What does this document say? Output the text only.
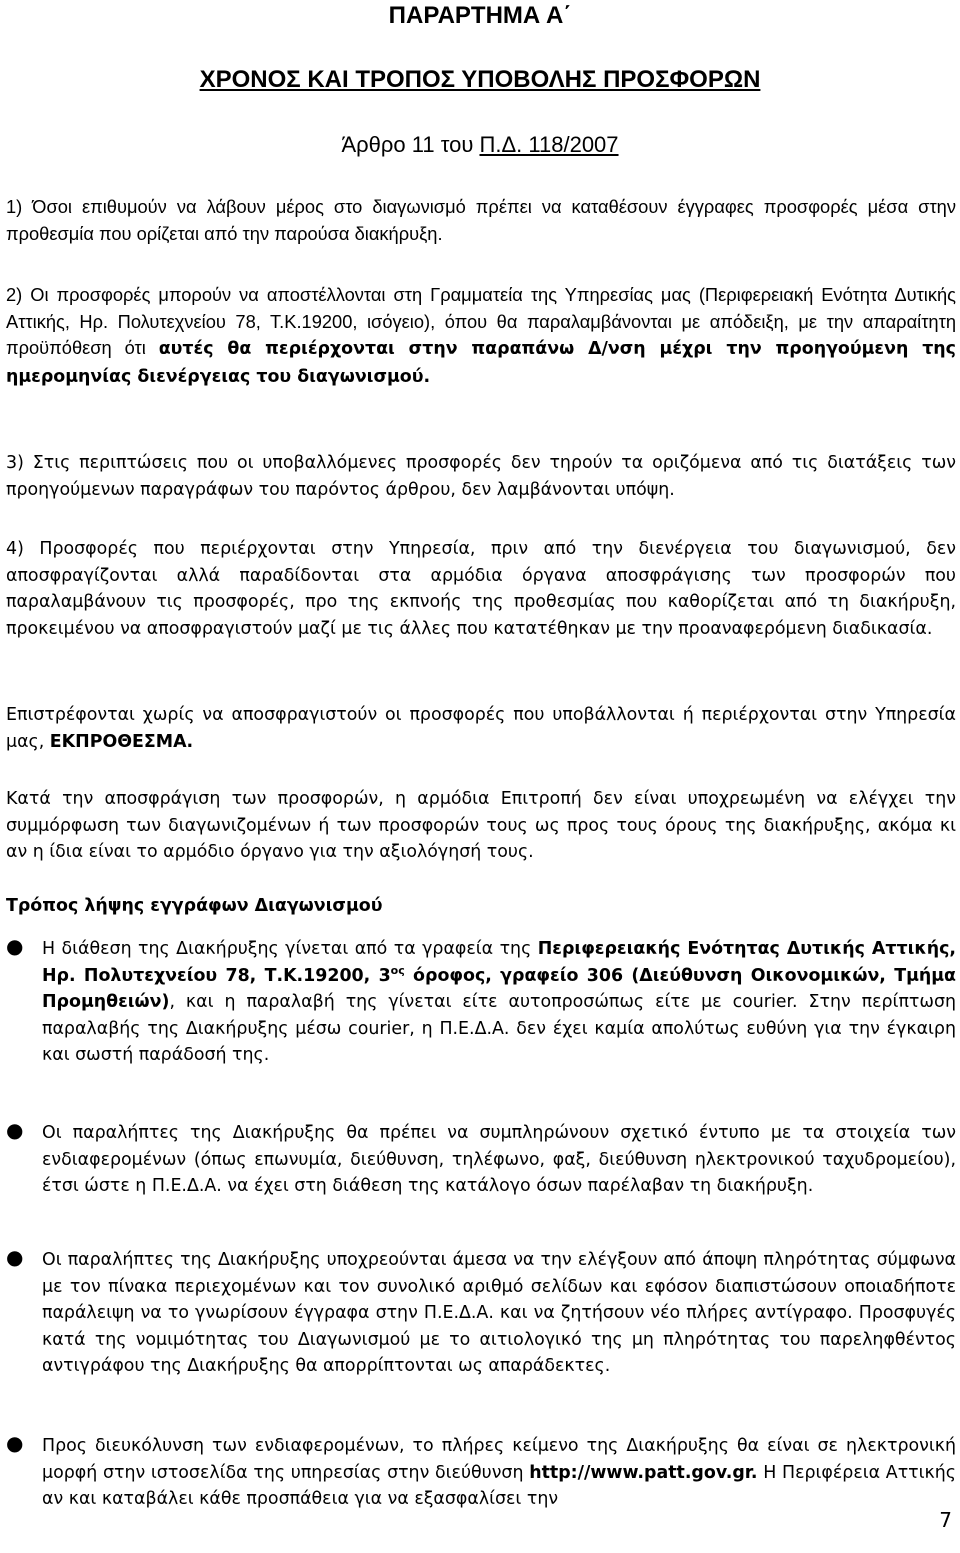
ΠΑΡΑΡΤΗΜΑ Α΄
ΧΡΟΝΟΣ ΚΑΙ ΤΡΟΠΟΣ ΥΠΟΒΟΛΗΣ ΠΡΟΣΦΟΡΩΝ
Άρθρο 11 του Π.Δ. 118/2007

1) Όσοι επιθυμούν να λάβουν μέρος στο διαγωνισμό πρέπει να καταθέσουν έγγραφες προσφορές μέσα στην προθεσμία που ορίζεται από την παρούσα διακήρυξη.

2) Οι προσφορές μπορούν να αποστέλλονται στη Γραμματεία της Υπηρεσίας μας (Περιφερειακή Ενότητα Δυτικής Αττικής, Ηρ. Πολυτεχνείου 78, Τ.Κ.19200, ισόγειο), όπου θα παραλαμβάνονται με απόδειξη, με την απαραίτητη προϋπόθεση ότι αυτές θα περιέρχονται στην παραπάνω Δ/νση μέχρι την προηγούμενη της ημερομηνίας διενέργειας του διαγωνισμού.

3) Στις περιπτώσεις που οι υποβαλλόμενες προσφορές δεν τηρούν τα οριζόμενα από τις διατάξεις των προηγούμενων παραγράφων του παρόντος άρθρου, δεν λαμβάνονται υπόψη.

4) Προσφορές που περιέρχονται στην Υπηρεσία, πριν από την διενέργεια του διαγωνισμού, δεν αποσφραγίζονται αλλά παραδίδονται στα αρμόδια όργανα αποσφράγισης των προσφορών που παραλαμβάνουν τις προσφορές, προ της εκπνοής της προθεσμίας που καθορίζεται από τη διακήρυξη, προκειμένου να αποσφραγιστούν μαζί με τις άλλες που κατατέθηκαν με την προαναφερόμενη διαδικασία.

Επιστρέφονται χωρίς να αποσφραγιστούν οι προσφορές που υποβάλλονται ή περιέρχονται στην Υπηρεσία μας, ΕΚΠΡΟΘΕΣΜΑ.

Κατά την αποσφράγιση των προσφορών, η αρμόδια Επιτροπή δεν είναι υποχρεωμένη να ελέγχει την συμμόρφωση των διαγωνιζομένων ή των προσφορών τους ως προς τους όρους της διακήρυξης, ακόμα κι αν η ίδια είναι το αρμόδιο όργανο για την αξιολόγησή τους.

Τρόπος λήψης εγγράφων Διαγωνισμού

● Η διάθεση της Διακήρυξης γίνεται από τα γραφεία της Περιφερειακής Ενότητας Δυτικής Αττικής, Ηρ. Πολυτεχνείου 78, Τ.Κ.19200, $3^{o\varsigma}$ όροφος, γραφείο 306 (Διεύθυνση Οικονομικών, Τμήμα Προμηθειών), και η παραλαβή της γίνεται είτε αυτοπροσώπως είτε με courier. Στην περίπτωση παραλαβής της Διακήρυξης μέσω courier, η Π.Ε.Δ.Α. δεν έχει καμία απολύτως ευθύνη για την έγκαιρη και σωστή παράδοσή της.

● Οι παραλήπτες της Διακήρυξης θα πρέπει να συμπληρώνουν σχετικό έντυπο με τα στοιχεία των ενδιαφερομένων (όπως επωνυμία, διεύθυνση, τηλέφωνο, φαξ, διεύθυνση ηλεκτρονικού ταχυδρομείου), έτσι ώστε η Π.Ε.Δ.Α. να έχει στη διάθεση της κατάλογο όσων παρέλαβαν τη διακήρυξη.

● Οι παραλήπτες της Διακήρυξης υποχρεούνται άμεσα να την ελέγξουν από άποψη πληρότητας σύμφωνα με τον πίνακα περιεχομένων και τον συνολικό αριθμό σελίδων και εφόσον διαπιστώσουν οποιαδήποτε παράλειψη να το γνωρίσουν έγγραφα στην Π.Ε.Δ.Α. και να ζητήσουν νέο πλήρες αντίγραφο. Προσφυγές κατά της νομιμότητας του Διαγωνισμού με το αιτιολογικό της μη πληρότητας του παρεληφθέντος αντιγράφου της Διακήρυξης θα απορρίπτονται ως απαράδεκτες.

● Προς διευκόλυνση των ενδιαφερομένων, το πλήρες κείμενο της Διακήρυξης θα είναι σε ηλεκτρονική μορφή στην ιστοσελίδα της υπηρεσίας στην διεύθυνση http://www.patt.gov.gr. Η Περιφέρεια Αττικής αν και καταβάλει κάθε προσπάθεια για να εξασφαλίσει την

7
